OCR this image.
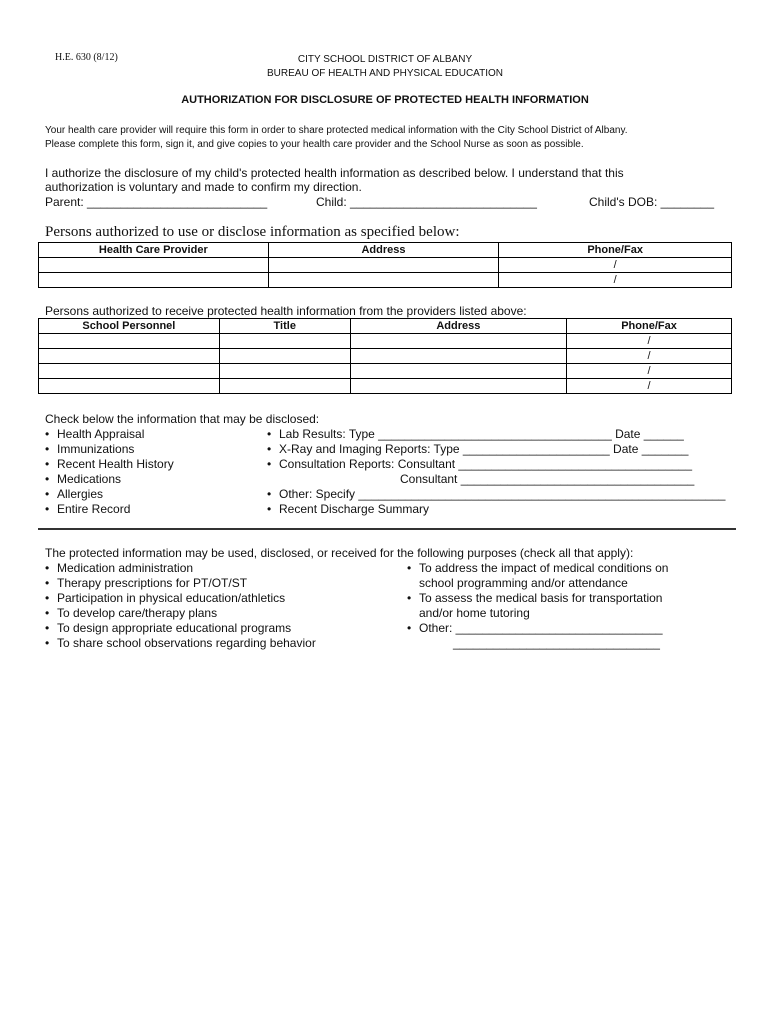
H.E. 630 (8/12)	CITY SCHOOL DISTRICT OF ALBANY
BUREAU OF HEALTH AND PHYSICAL EDUCATION
AUTHORIZATION FOR DISCLOSURE OF PROTECTED HEALTH INFORMATION
Your health care provider will require this form in order to share protected medical information with the City School District of Albany.
Please complete this form, sign it, and give copies to your health care provider and the School Nurse as soon as possible.
I authorize the disclosure of my child's protected health information as described below. I understand that this
authorization is voluntary and made to confirm my direction.
Parent: ___________________________	Child: ____________________________	Child's DOB: ________
Persons authorized to use or disclose information as specified below:
Health Care Provider	Address	Phone/Fax
		/
		/
Persons authorized to receive protected health information from the providers listed above:
School Personnel	Title	Address	Phone/Fax
			/
			/
			/
			/
Check below the information that may be disclosed:
• Health Appraisal
• Immunizations
• Recent Health History
• Medications
• Allergies
• Entire Record
• Lab Results: Type ___________________________________ Date ______
• X-Ray and Imaging Reports: Type ______________________ Date _______
• Consultation Reports: Consultant ___________________________________
Consultant ___________________________________
• Other: Specify _______________________________________________________
• Recent Discharge Summary
The protected information may be used, disclosed, or received for the following purposes (check all that apply):
• Medication administration
• Therapy prescriptions for PT/OT/ST
• Participation in physical education/athletics
• To develop care/therapy plans
• To design appropriate educational programs
• To share school observations regarding behavior
• To address the impact of medical conditions on
school programming and/or attendance
• To assess the medical basis for transportation
and/or home tutoring
• Other: _______________________________
_______________________________
